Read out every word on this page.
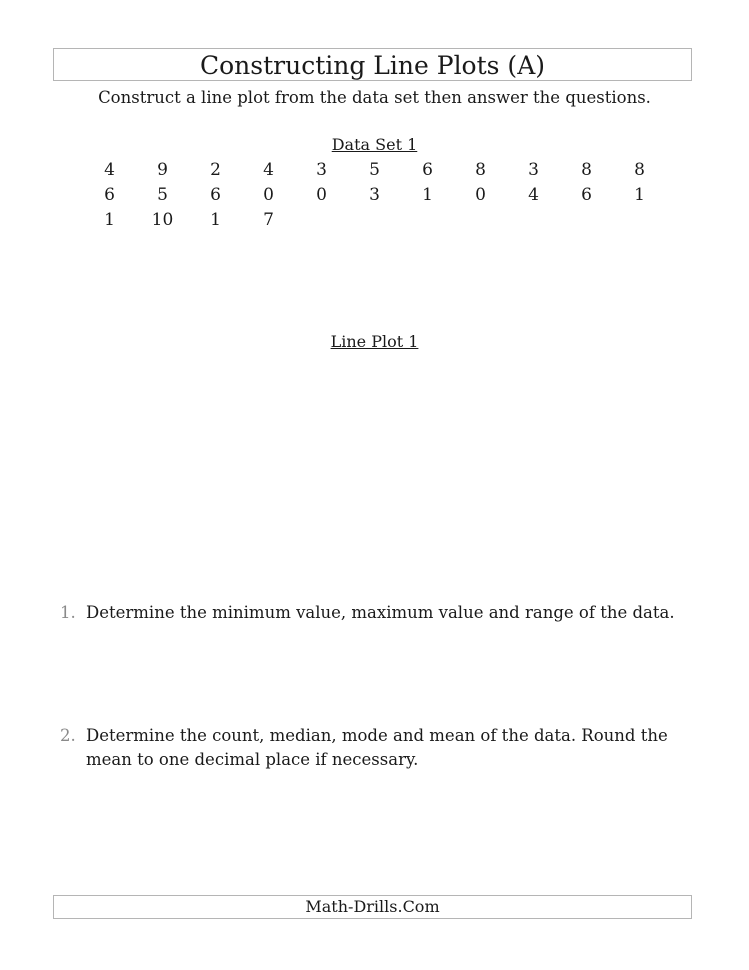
Constructing Line Plots (A)
Construct a line plot from the data set then answer the questions.
Data Set 1
4	9	2	4	3	5	6	8	3	8	8
6	5	6	0	0	3	1	0	4	6	1
1	10	1	7
Line Plot 1
1. Determine the minimum value, maximum value and range of the data.
2. Determine the count, median, mode and mean of the data. Round the mean to one decimal place if necessary.
Math-Drills.Com
